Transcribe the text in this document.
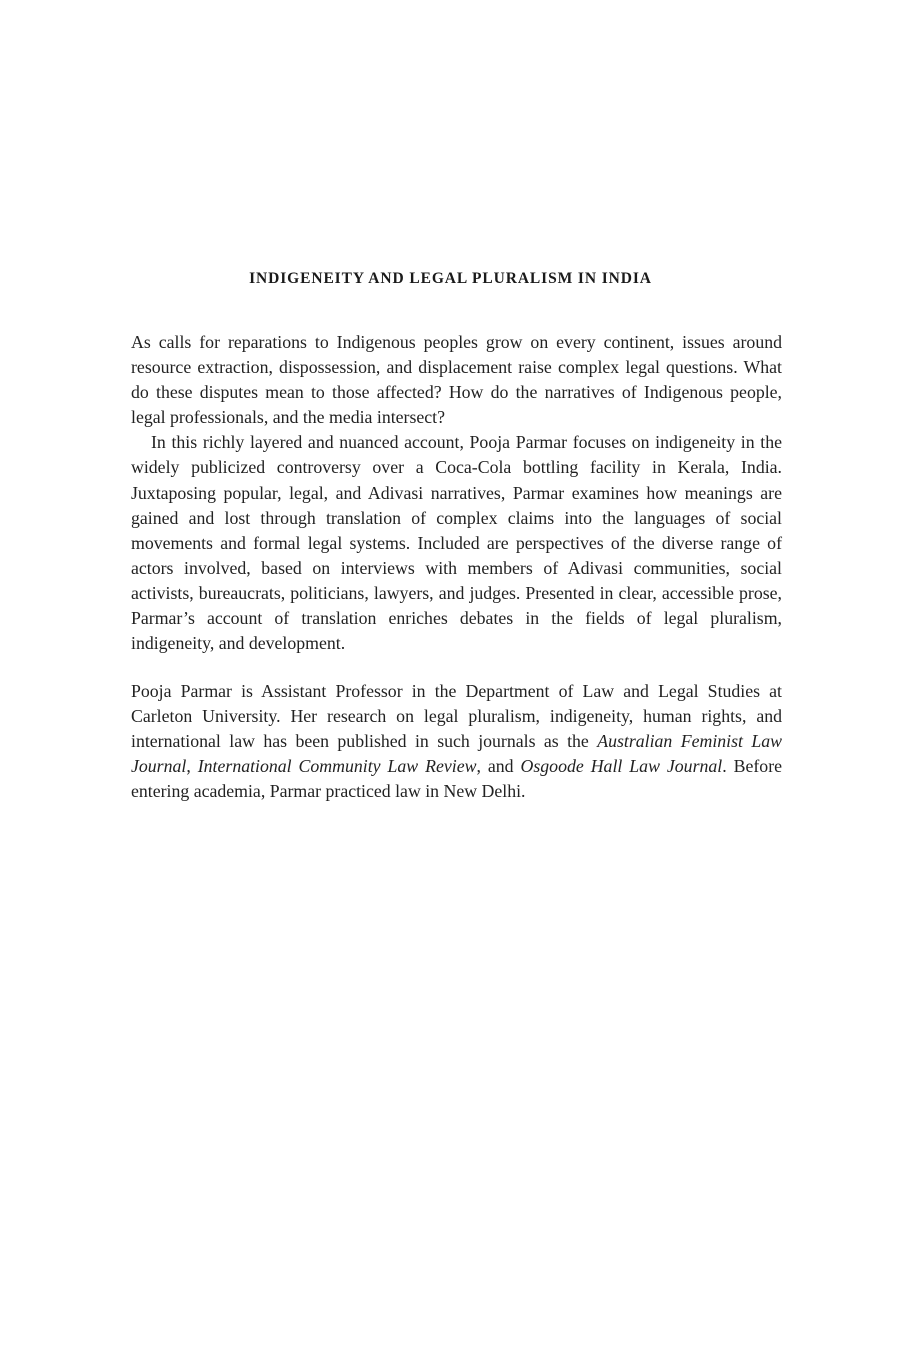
INDIGENEITY AND LEGAL PLURALISM IN INDIA

As calls for reparations to Indigenous peoples grow on every continent, issues around resource extraction, dispossession, and displacement raise complex legal questions. What do these disputes mean to those affected? How do the narratives of Indigenous people, legal professionals, and the media intersect?

In this richly layered and nuanced account, Pooja Parmar focuses on indigeneity in the widely publicized controversy over a Coca-Cola bottling facility in Kerala, India. Juxtaposing popular, legal, and Adivasi narratives, Parmar examines how meanings are gained and lost through translation of complex claims into the languages of social movements and formal legal systems. Included are perspectives of the diverse range of actors involved, based on interviews with members of Adivasi communities, social activists, bureaucrats, politicians, lawyers, and judges. Presented in clear, accessible prose, Parmar’s account of translation enriches debates in the fields of legal pluralism, indigeneity, and development.

Pooja Parmar is Assistant Professor in the Department of Law and Legal Studies at Carleton University. Her research on legal pluralism, indigeneity, human rights, and international law has been published in such journals as the Australian Feminist Law Journal, International Community Law Review, and Osgoode Hall Law Journal. Before entering academia, Parmar practiced law in New Delhi.
